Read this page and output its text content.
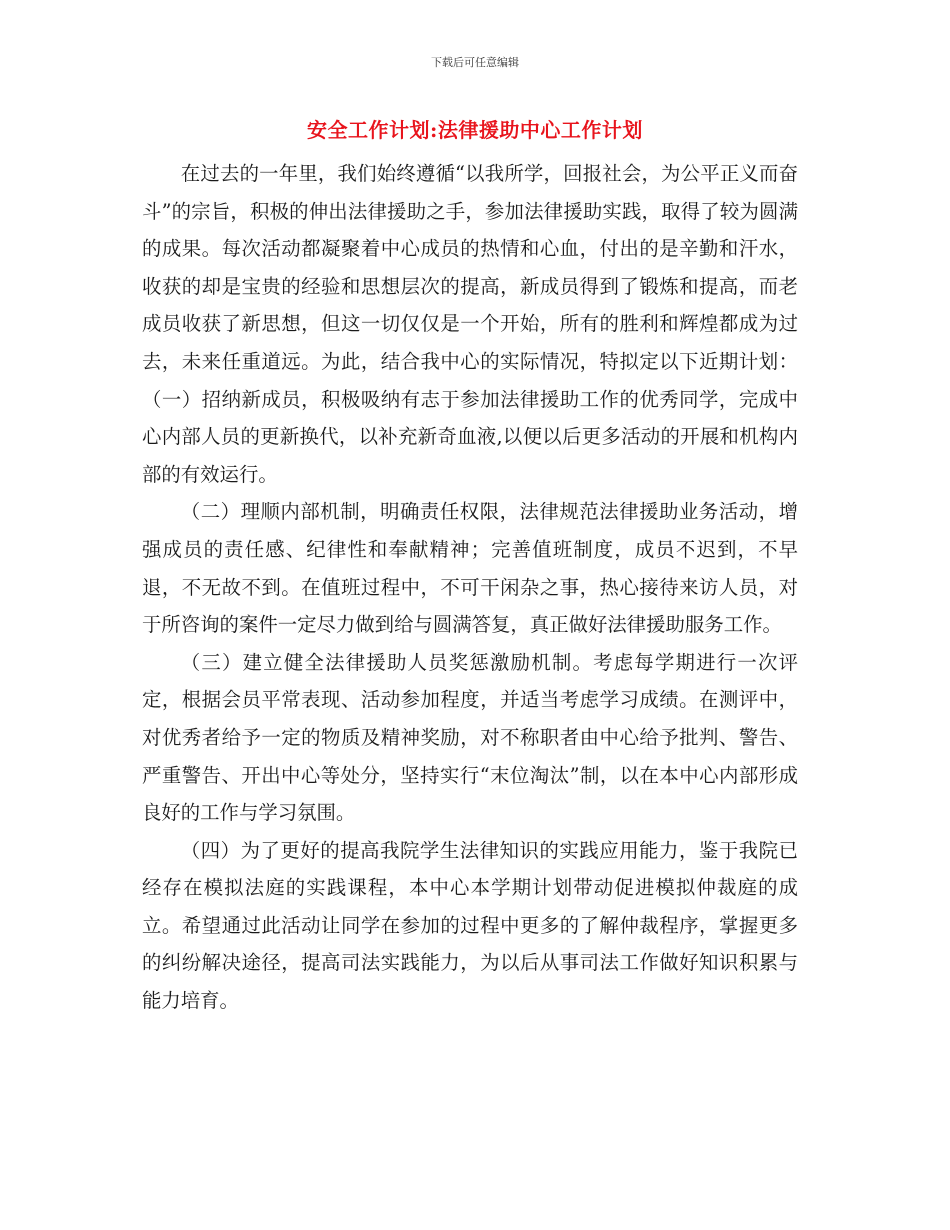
下载后可任意编辑
安全工作计划:法律援助中心工作计划

在过去的一年里，我们始终遵循“以我所学，回报社会，为公平正义而奋斗”的宗旨，积极的伸出法律援助之手，参加法律援助实践，取得了较为圆满的成果。每次活动都凝聚着中心成员的热情和心血，付出的是辛勤和汗水，收获的却是宝贵的经验和思想层次的提高，新成员得到了锻炼和提高，而老成员收获了新思想，但这一切仅仅是一个开始，所有的胜利和辉煌都成为过去，未来任重道远。为此，结合我中心的实际情况，特拟定以下近期计划：（一）招纳新成员，积极吸纳有志于参加法律援助工作的优秀同学，完成中心内部人员的更新换代，以补充新奇血液,以便以后更多活动的开展和机构内部的有效运行。

（二）理顺内部机制，明确责任权限，法律规范法律援助业务活动，增强成员的责任感、纪律性和奉献精神；完善值班制度，成员不迟到，不早退，不无故不到。在值班过程中，不可干闲杂之事，热心接待来访人员，对于所咨询的案件一定尽力做到给与圆满答复，真正做好法律援助服务工作。

（三）建立健全法律援助人员奖惩激励机制。考虑每学期进行一次评定，根据会员平常表现、活动参加程度，并适当考虑学习成绩。在测评中，对优秀者给予一定的物质及精神奖励，对不称职者由中心给予批判、警告、严重警告、开出中心等处分，坚持实行“末位淘汰”制，以在本中心内部形成良好的工作与学习氛围。

（四）为了更好的提高我院学生法律知识的实践应用能力，鉴于我院已经存在模拟法庭的实践课程，本中心本学期计划带动促进模拟仲裁庭的成立。希望通过此活动让同学在参加的过程中更多的了解仲裁程序，掌握更多的纠纷解决途径，提高司法实践能力，为以后从事司法工作做好知识积累与能力培育。
